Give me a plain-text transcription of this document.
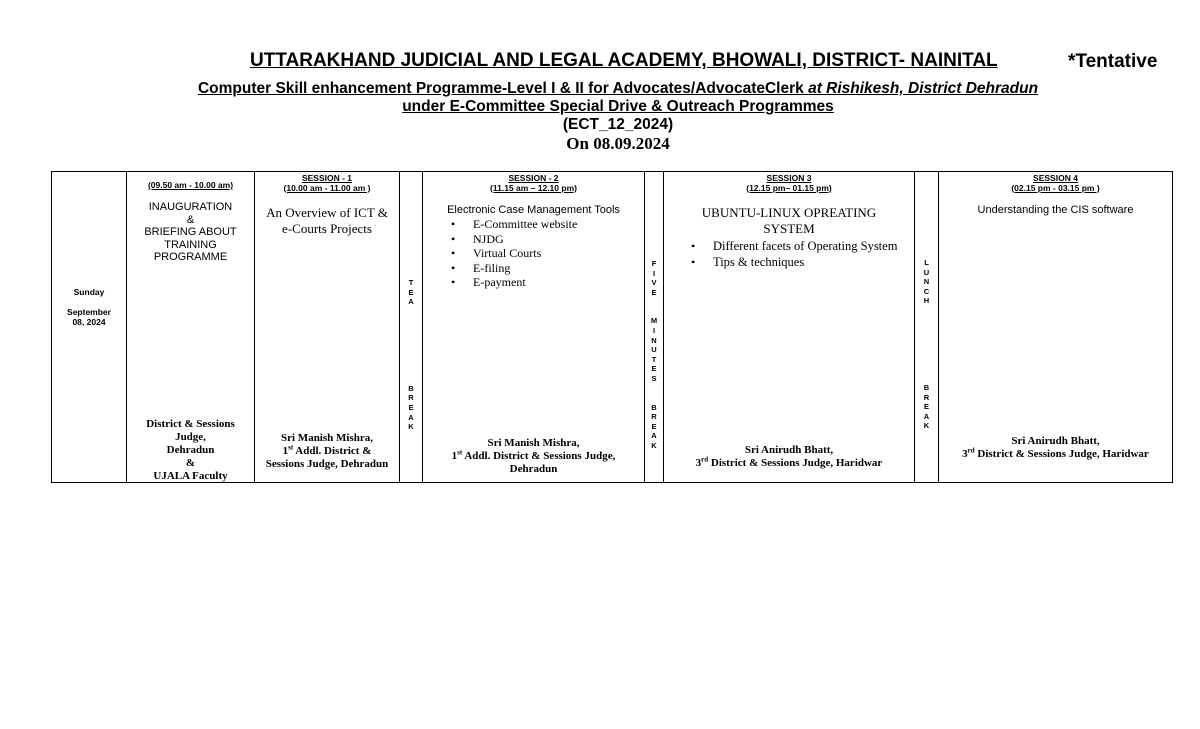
UTTARAKHAND JUDICIAL AND LEGAL ACADEMY, BHOWALI, DISTRICT- NAINITAL	*Tentative
Computer Skill enhancement Programme-Level I & II for Advocates/AdvocateClerk at Rishikesh, District Dehradun
under E-Committee Special Drive & Outreach Programmes
(ECT_12_2024)
On 08.09.2024
Sunday
September
08, 2024
(09.50 am - 10.00 am)
INAUGURATION
&
BRIEFING ABOUT
TRAINING
PROGRAMME
District & Sessions
Judge,
Dehradun
&
UJALA Faculty
SESSION - 1
(10.00 am - 11.00 am )
An Overview of ICT &
e-Courts Projects
Sri Manish Mishra,
1st Addl. District &
Sessions Judge, Dehradun
T
E
A
B
R
E
A
K
SESSION - 2
(11.15 am – 12.10 pm)
Electronic Case Management Tools
• E-Committee website
• NJDG
• Virtual Courts
• E-filing
• E-payment
Sri Manish Mishra,
1st Addl. District & Sessions Judge,
Dehradun
F
I
V
E
M
I
N
U
T
E
S
B
R
E
A
K
SESSION 3
(12.15 pm– 01.15 pm)
UBUNTU-LINUX OPREATING
SYSTEM
• Different facets of Operating System
• Tips & techniques
Sri Anirudh Bhatt,
3rd District & Sessions Judge, Haridwar
L
U
N
C
H
B
R
E
A
K
SESSION 4
(02.15 pm - 03.15 pm )
Understanding the CIS software
Sri Anirudh Bhatt,
3rd District & Sessions Judge, Haridwar
